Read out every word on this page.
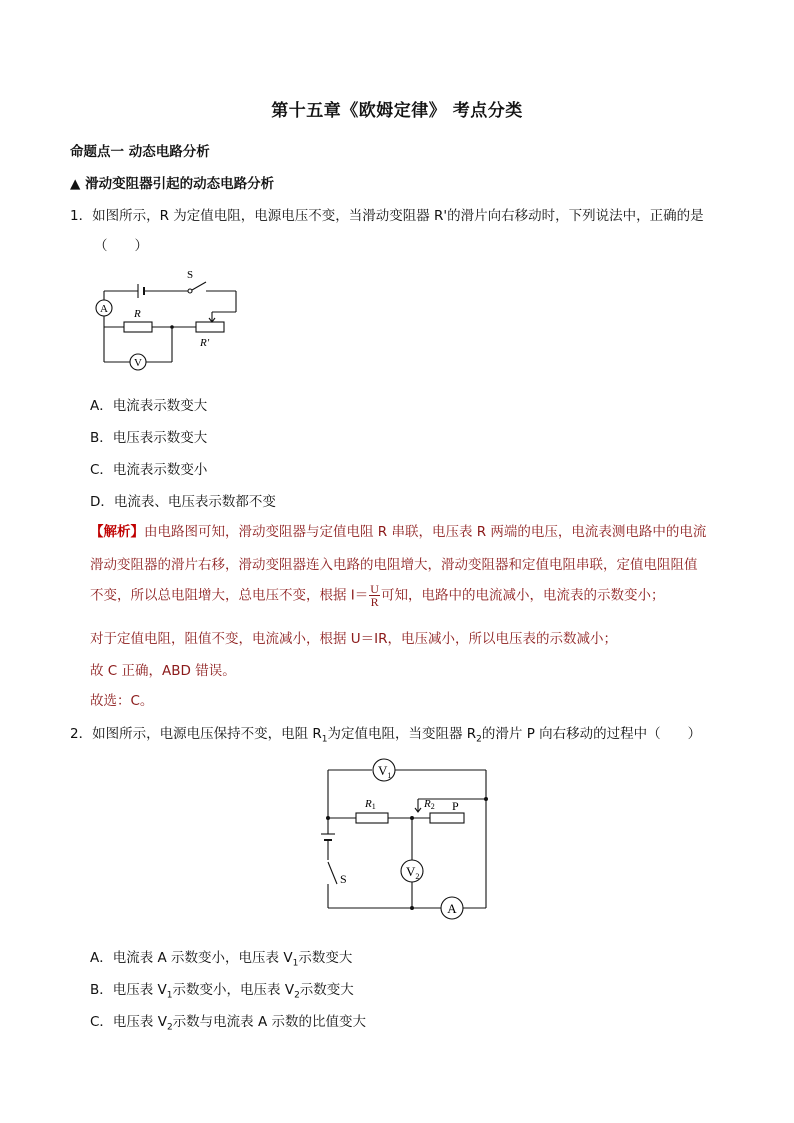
第十五章《欧姆定律》 考点分类
命题点一 动态电路分析
▲ 滑动变阻器引起的动态电路分析
1．如图所示，R 为定值电阻，电源电压不变，当滑动变阻器 R'的滑片向右移动时，下列说法中，正确的是
（　　）
A
V
S
R
R′
A．电流表示数变大
B．电压表示数变大
C．电流表示数变小
D．电流表、电压表示数都不变
【解析】由电路图可知，滑动变阻器与定值电阻 R 串联，电压表 R 两端的电压，电流表测电路中的电流
滑动变阻器的滑片右移，滑动变阻器连入电路的电阻增大，滑动变阻器和定值电阻串联，定值电阻阻值
不变，所以总电阻增大，总电压不变，根据 $I= \frac{U}{R}$ 可知，电路中的电流减小，电流表的示数变小；
对于定值电阻，阻值不变，电流减小，根据 U＝IR，电压减小，所以电压表的示数减小；
故 C 正确，ABD 错误。
故选：C。
2．如图所示，电源电压保持不变，电阻 $R_1$为定值电阻，当变阻器 $R_2$的滑片 P 向右移动的过程中（　　）
$V_1$
$V_2$
R1	R2 P
S
A
A．电流表 A 示数变小，电压表 $V_1$示数变大
B．电压表 $V_1$示数变小，电压表 $V_2$示数变大
C．电压表 $V_2$示数与电流表 A 示数的比值变大
